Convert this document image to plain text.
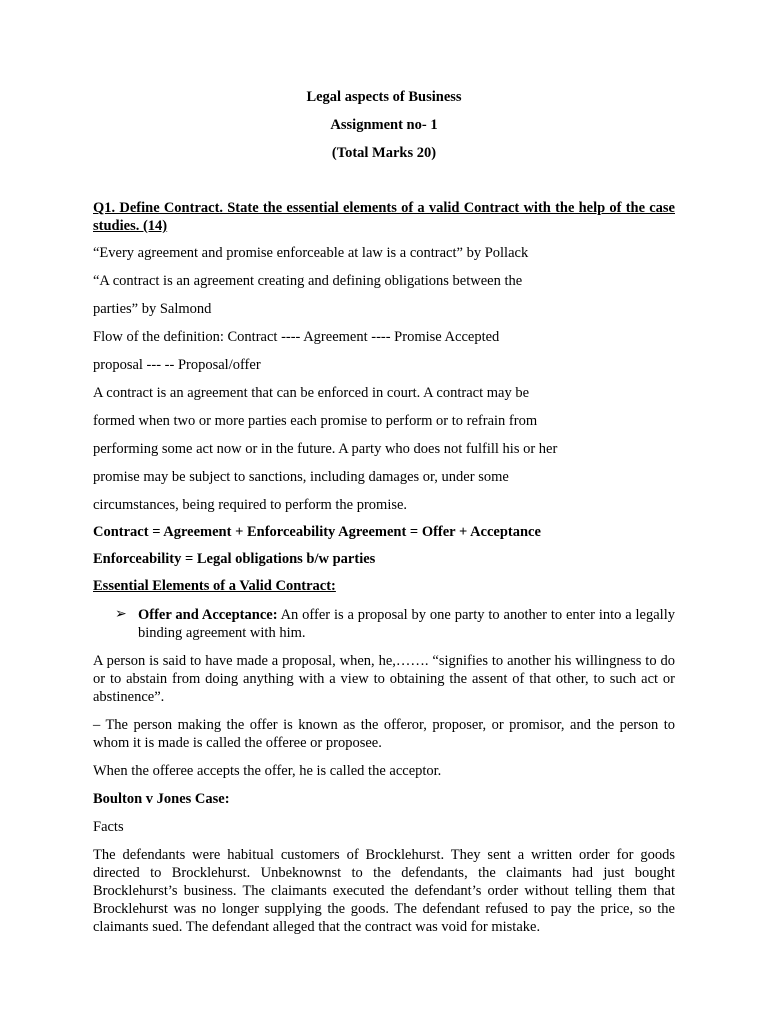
Legal aspects of Business
Assignment no- 1
(Total Marks 20)
Q1. Define Contract. State the essential elements of a valid Contract with the help of the case studies. (14)
“Every agreement and promise enforceable at law is a contract” by Pollack
“A contract is an agreement creating and defining obligations between the
parties” by Salmond
Flow of the definition: Contract ---- Agreement ---- Promise Accepted
proposal --- -- Proposal/offer
A contract is an agreement that can be enforced in court. A contract may be
formed when two or more parties each promise to perform or to refrain from
performing some act now or in the future. A party who does not fulfill his or her
promise may be subject to sanctions, including damages or, under some
circumstances, being required to perform the promise.
Contract = Agreement + Enforceability Agreement = Offer + Acceptance
Enforceability = Legal obligations b/w parties
Essential Elements of a Valid Contract:
➢ Offer and Acceptance: An offer is a proposal by one party to another to enter into a legally binding agreement with him.
A person is said to have made a proposal, when, he,……. “signifies to another his willingness to do or to abstain from doing anything with a view to obtaining the assent of that other, to such act or abstinence”.
– The person making the offer is known as the offeror, proposer, or promisor, and the person to whom it is made is called the offeree or proposee.
When the offeree accepts the offer, he is called the acceptor.
Boulton v Jones Case:
Facts
The defendants were habitual customers of Brocklehurst. They sent a written order for goods directed to Brocklehurst. Unbeknownst to the defendants, the claimants had just bought Brocklehurst’s business. The claimants executed the defendant’s order without telling them that Brocklehurst was no longer supplying the goods. The defendant refused to pay the price, so the claimants sued. The defendant alleged that the contract was void for mistake.
